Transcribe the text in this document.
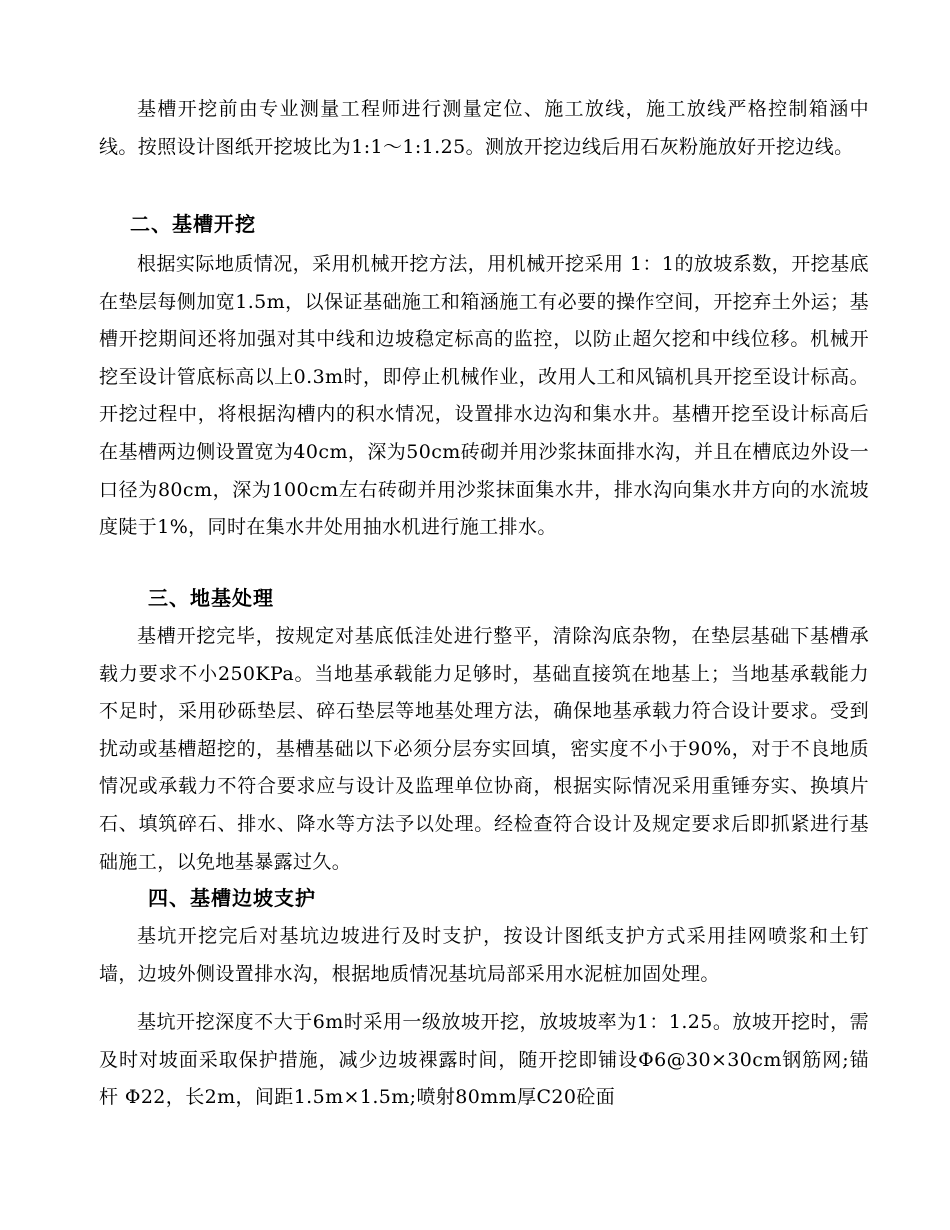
基槽开挖前由专业测量工程师进行测量定位、施工放线，施工放线严格控制箱涵中线。按照设计图纸开挖坡比为1:1～1:1.25。测放开挖边线后用石灰粉施放好开挖边线。
二、基槽开挖
根据实际地质情况，采用机械开挖方法，用机械开挖采用 1：1的放坡系数，开挖基底在垫层每侧加宽1.5m，以保证基础施工和箱涵施工有必要的操作空间，开挖弃土外运；基槽开挖期间还将加强对其中线和边坡稳定标高的监控，以防止超欠挖和中线位移。机械开挖至设计管底标高以上0.3m时，即停止机械作业，改用人工和风镐机具开挖至设计标高。开挖过程中，将根据沟槽内的积水情况，设置排水边沟和集水井。基槽开挖至设计标高后在基槽两边侧设置宽为40cm，深为50cm砖砌并用沙浆抹面排水沟，并且在槽底边外设一口径为80cm，深为100cm左右砖砌并用沙浆抹面集水井，排水沟向集水井方向的水流坡度陡于1%，同时在集水井处用抽水机进行施工排水。
三、地基处理
基槽开挖完毕，按规定对基底低洼处进行整平，清除沟底杂物，在垫层基础下基槽承载力要求不小250KPa。当地基承载能力足够时，基础直接筑在地基上；当地基承载能力不足时，采用砂砾垫层、碎石垫层等地基处理方法，确保地基承载力符合设计要求。受到扰动或基槽超挖的，基槽基础以下必须分层夯实回填，密实度不小于90%，对于不良地质情况或承载力不符合要求应与设计及监理单位协商，根据实际情况采用重锤夯实、换填片石、填筑碎石、排水、降水等方法予以处理。经检查符合设计及规定要求后即抓紧进行基础施工，以免地基暴露过久。
四、基槽边坡支护
基坑开挖完后对基坑边坡进行及时支护，按设计图纸支护方式采用挂网喷浆和土钉墙，边坡外侧设置排水沟，根据地质情况基坑局部采用水泥桩加固处理。
基坑开挖深度不大于6m时采用一级放坡开挖，放坡坡率为1：1.25。放坡开挖时，需及时对坡面采取保护措施，减少边坡裸露时间，随开挖即铺设Φ6@30×30cm钢筋网;锚杆 Φ22，长2m，间距1.5m×1.5m;喷射80mm厚C20砼面
